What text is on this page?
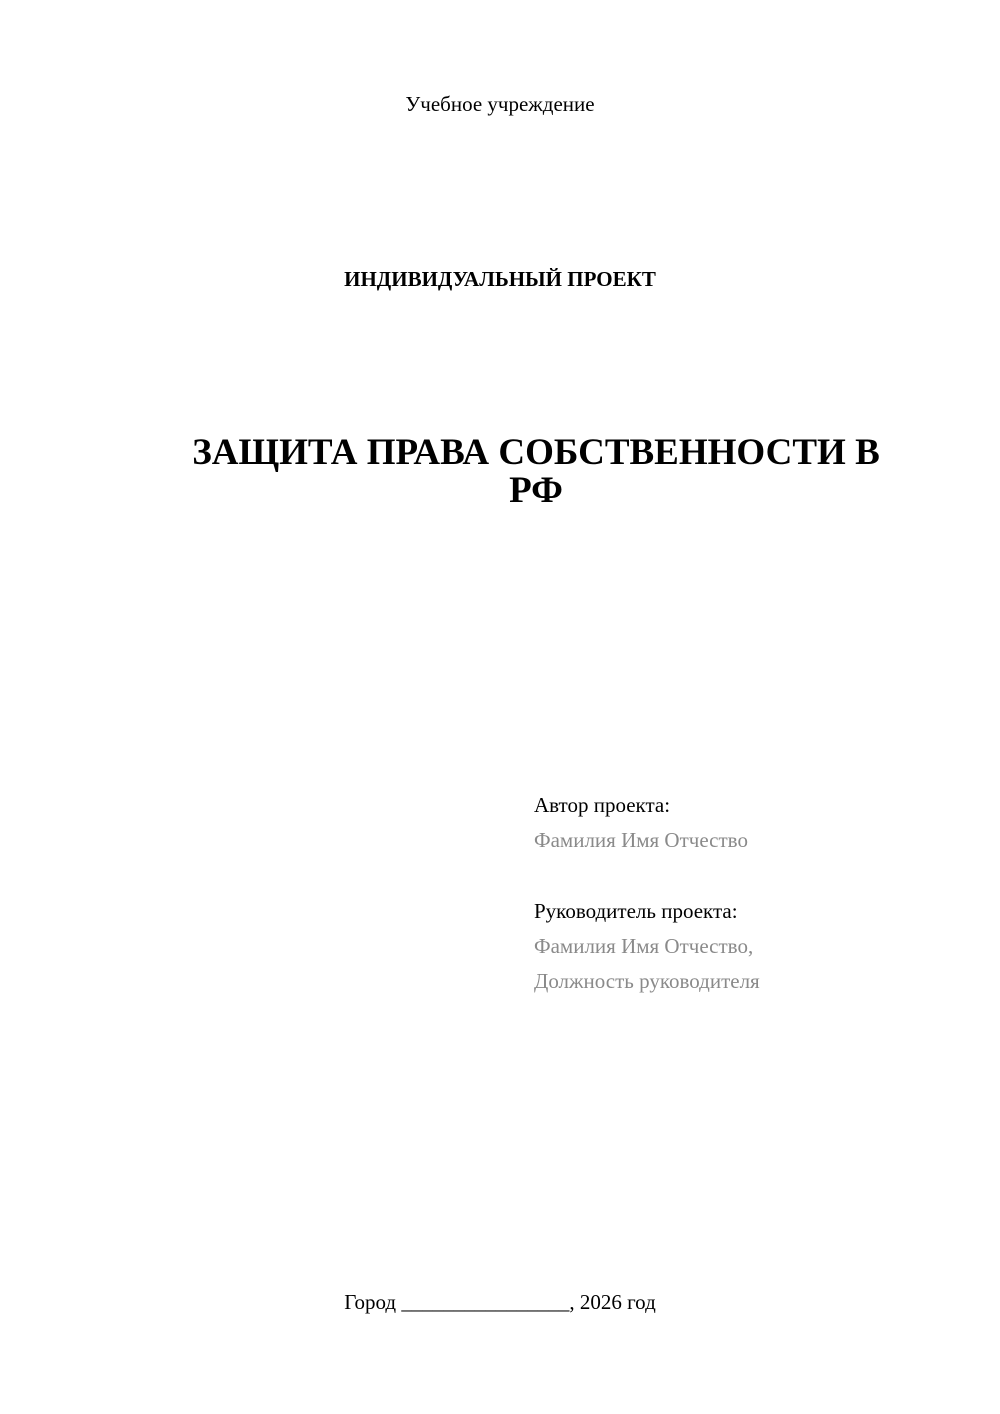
Учебное учреждение
ИНДИВИДУАЛЬНЫЙ ПРОЕКТ
ЗАЩИТА ПРАВА СОБСТВЕННОСТИ В
РФ
Автор проекта:
Фамилия Имя Отчество
Руководитель проекта:
Фамилия Имя Отчество,
Должность руководителя
Город ________________, 2026 год
